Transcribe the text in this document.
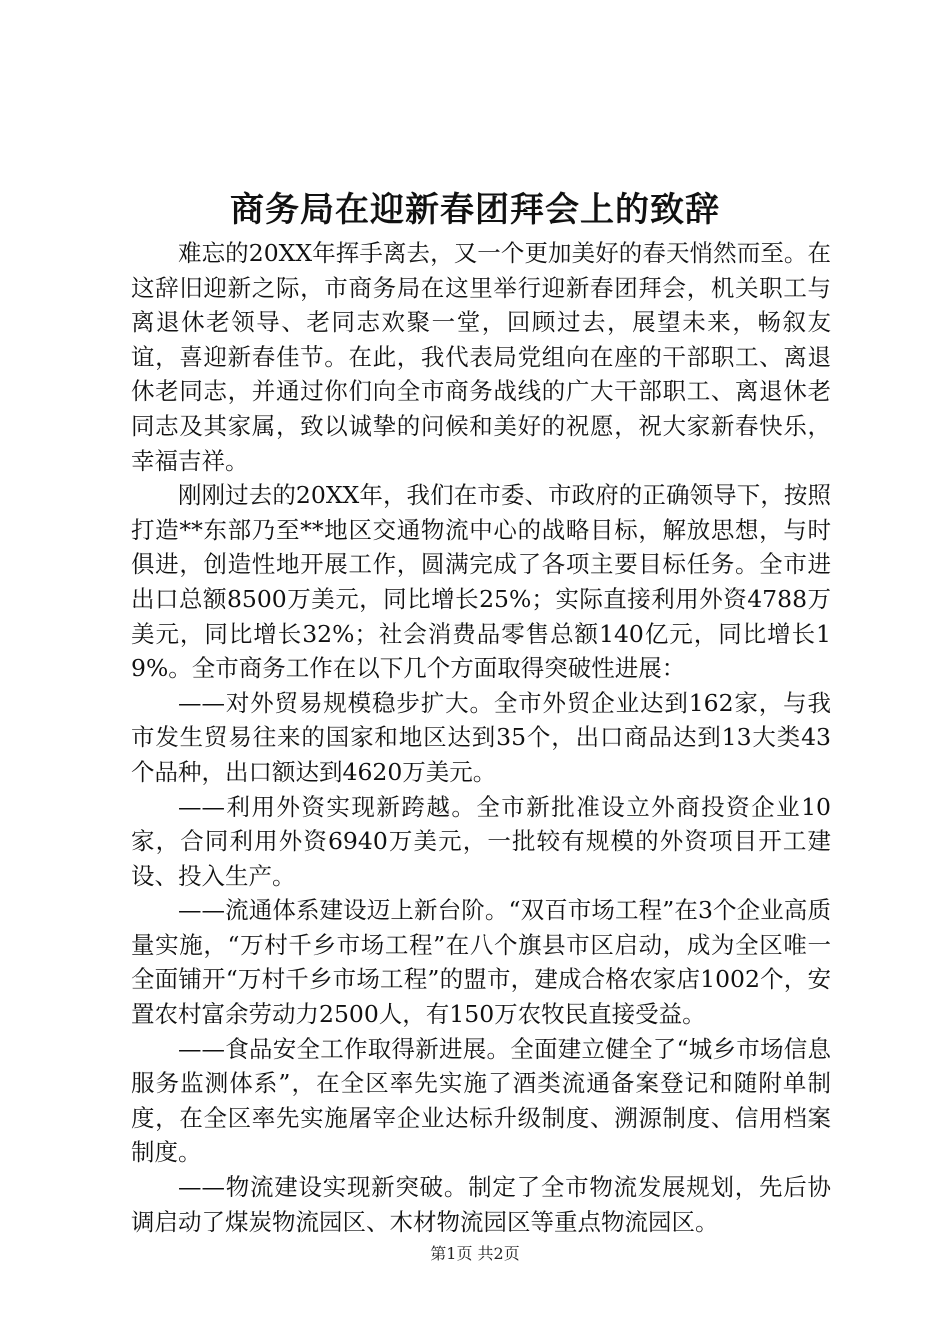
商务局在迎新春团拜会上的致辞

难忘的20XX年挥手离去，又一个更加美好的春天悄然而至。在这辞旧迎新之际，市商务局在这里举行迎新春团拜会，机关职工与离退休老领导、老同志欢聚一堂，回顾过去，展望未来，畅叙友谊，喜迎新春佳节。在此，我代表局党组向在座的干部职工、离退休老同志，并通过你们向全市商务战线的广大干部职工、离退休老同志及其家属，致以诚挚的问候和美好的祝愿，祝大家新春快乐，幸福吉祥。

刚刚过去的20XX年，我们在市委、市政府的正确领导下，按照打造**东部乃至**地区交通物流中心的战略目标，解放思想，与时俱进，创造性地开展工作，圆满完成了各项主要目标任务。全市进出口总额8500万美元，同比增长25%；实际直接利用外资4788万美元，同比增长32%；社会消费品零售总额140亿元，同比增长19%。全市商务工作在以下几个方面取得突破性进展：

——对外贸易规模稳步扩大。全市外贸企业达到162家，与我市发生贸易往来的国家和地区达到35个，出口商品达到13大类43个品种，出口额达到4620万美元。

——利用外资实现新跨越。全市新批准设立外商投资企业10家，合同利用外资6940万美元，一批较有规模的外资项目开工建设、投入生产。

——流通体系建设迈上新台阶。“双百市场工程”在3个企业高质量实施，“万村千乡市场工程”在八个旗县市区启动，成为全区唯一全面铺开“万村千乡市场工程”的盟市，建成合格农家店1002个，安置农村富余劳动力2500人，有150万农牧民直接受益。

——食品安全工作取得新进展。全面建立健全了“城乡市场信息服务监测体系”，在全区率先实施了酒类流通备案登记和随附单制度，在全区率先实施屠宰企业达标升级制度、溯源制度、信用档案制度。

——物流建设实现新突破。制定了全市物流发展规划，先后协调启动了煤炭物流园区、木材物流园区等重点物流园区。

第1页 共2页
